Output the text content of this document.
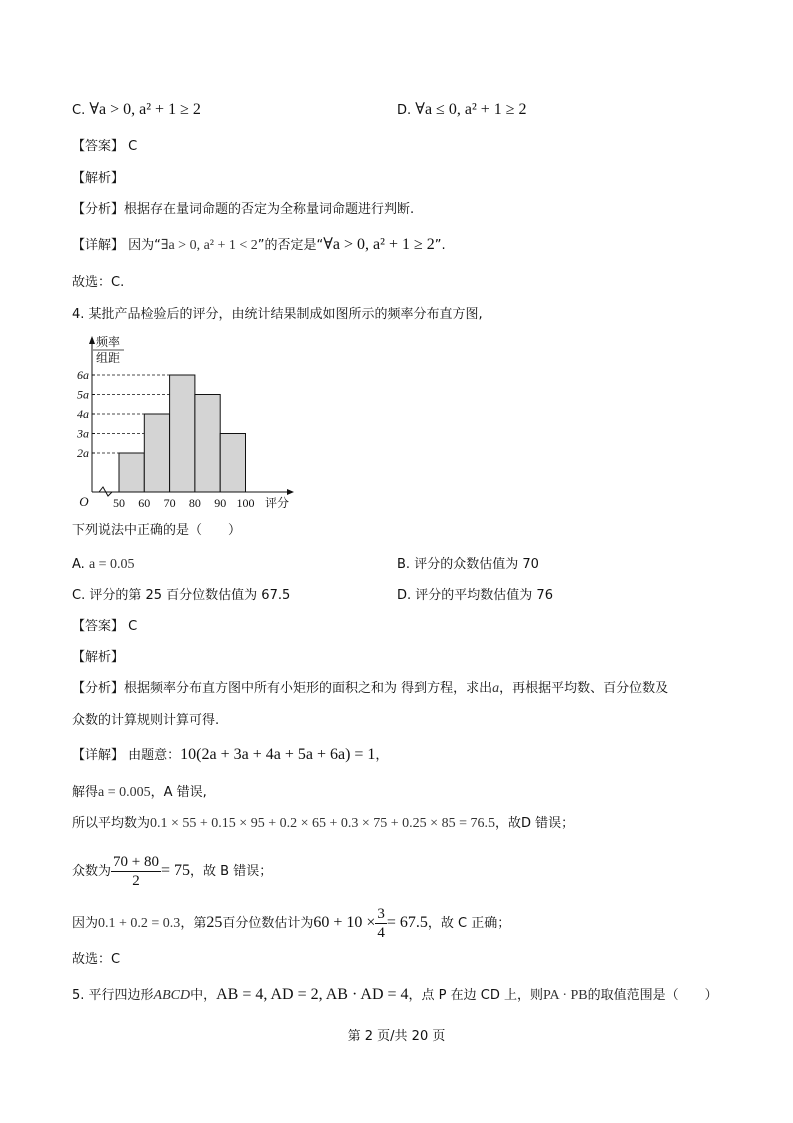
C. ∀a > 0, a² + 1 ≥ 2	D. ∀a ≤ 0, a² + 1 ≥ 2
【答案】 C
【解析】
【分析】根据存在量词命题的否定为全称量词命题进行判断.
【详解】 因为“∃a > 0, a² + 1 < 2”的否定是“∀a > 0, a² + 1 ≥ 2”.
故选：C.
4. 某批产品检验后的评分，由统计结果制成如图所示的频率分布直方图,
2a
3a
4a
5a
6a
50 60 70 80 90 100
O	评分
频率
组距
下列说法中正确的是（　　）
A. a = 0.05	B. 评分的众数估值为 70
C. 评分的第 25 百分位数估值为 67.5	D. 评分的平均数估值为 76
【答案】 C
【解析】
【分析】根据频率分布直方图中所有小矩形的面积之和为 得到方程，求出a，再根据平均数、百分位数及
众数的计算规则计算可得.
【详解】 由题意：10(2a + 3a + 4a + 5a + 6a) = 1，
解得a = 0.005，A 错误,
所以平均数为0.1 × 55 + 0.15 × 95 + 0.2 × 65 + 0.3 × 75 + 0.25 × 85 = 76.5，故D 错误；
众数为 $\frac{70 + 80}{2} = 75$，故 B 错误；
因为0.1 + 0.2 = 0.3，第25百分位数估计为$60 + 10 \times \frac{3}{4} = 67.5$，故 C 正确；
故选：C
5. 平行四边形ABCD中，AB = 4, AD = 2, AB · AD = 4，点 P 在边 CD 上，则PA · PB的取值范围是（　　）
第 2 页/共 20 页
